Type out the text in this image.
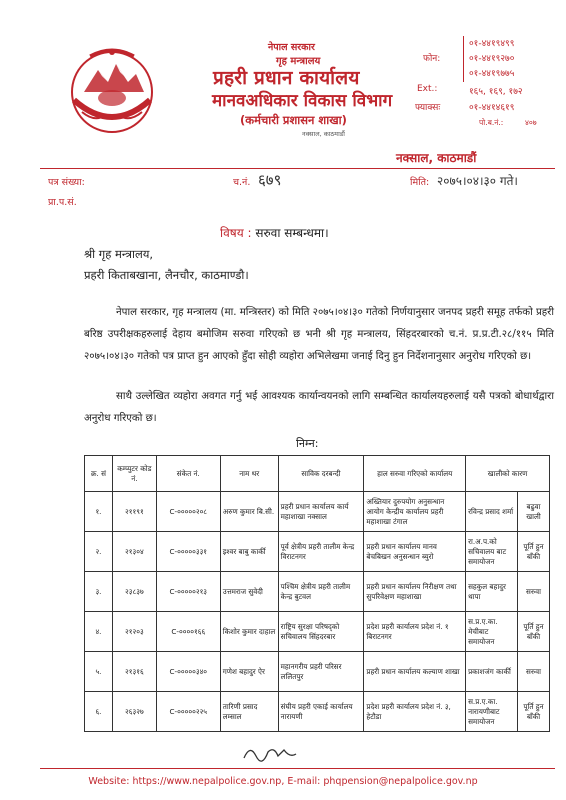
नेपाल सरकार
गृह मन्त्रालय
प्रहरी प्रधान कार्यालय
मानवअधिकार विकास विभाग
(कर्मचारी प्रशासन शाखा)
नक्साल, काठमाडौं
फोन:
०१-४४१९४९९
०१-४४१९२७०
०१-४४१९७७५
Ext.:	१६५, १६९, १७२
फ्याक्सः	०१-४४१४६१९
पो.ब.नं.:	४०७
नक्साल, काठमाडौं
पत्र संख्या:
प्रा.प.सं.
च.नं. ६७९	मिति: २०७५।०४।३० गते।
विषय : सरुवा सम्बन्धमा।
श्री गृह मन्त्रालय,
प्रहरी किताबखाना, लैनचौर, काठमाण्डौ।

नेपाल सरकार, गृह मन्त्रालय (मा. मन्त्रिस्तर) को मिति २०७५।०४।३० गतेको निर्णयानुसार जनपद प्रहरी समूह तर्फको प्रहरी बरिष्ठ उपरीक्षकहरुलाई देहाय बमोजिम सरुवा गरिएको छ भनी श्री गृह मन्त्रालय, सिंहदरबारको च.नं. प्र.प्र.टी.२८/११५ मिति २०७५।०४।३० गतेको पत्र प्राप्त हुन आएको हुँदा सोही व्यहोरा अभिलेखमा जनाई दिनु हुन निर्देशनानुसार अनुरोध गरिएको छ।

साथै उल्लेखित व्यहोरा अवगत गर्नु भई आवश्यक कार्यान्वयनको लागि सम्बन्धित कार्यालयहरुलाई यसै पत्रको बोधार्थद्वारा अनुरोध गरिएको छ।

निम्न:
क्र. सं	कम्प्युटर कोड नं.	संकेत नं.	नाम थर	साविक दरबन्दी	हाल सरुवा गरिएको कार्यालय	खालीको कारण	
१.	२११९१	C-०००००२०८	अरुण कुमार बि.सी.	प्रहरी प्रधान कार्यालय कार्य महाशाखा नक्साल	अख्तियार दुरुपयोग अनुसन्धान आयोग केन्द्रीय कार्यालय प्रहरी महाशाखा टंगाल	रविन्द्र प्रसाद शर्मा	बढुवा खाली
२.	२१३०४	C-०००००३३१	इश्वर बाबु कार्की	पूर्व क्षेत्रीय प्रहरी तालीम केन्द्र विराटनगर	प्रहरी प्रधान कार्यालय मानव बेचबिखन अनुसन्धान ब्युरो	रा.अ.प.को सचिवालय बाट समायोजन	पूर्ति हुन बाँकी
३.	२३८३७	C-०००००२१३	उत्तमराज सुवेदी	पश्चिम क्षेत्रीय प्रहरी तालीम केन्द्र बुटवल	प्रहरी प्रधान कार्यालय निरीक्षण तथा सुपरिवेक्षण महाशाखा	सहकुल बहादुर थापा	सरुवा
४.	२१२०३	C-००००१६६	किशोर कुमार दाहाल	राष्ट्रिय सुरक्षा परिषद्को सचिवालय सिंहदरबार	प्रदेश प्रहरी कार्यालय प्रदेश नं. १ बिराटनगर	स.प्र.ए.का. मेचीबाट समायोजन	पूर्ति हुन बाँकी
५.	२१३१६	C-०००००३४०	गणेश बहादुर ऐर	महानगरीय प्रहरी परिसर ललितपुर	प्रहरी प्रधान कार्यालय कल्याण शाखा	प्रकाशजंग कार्की	सरुवा
६.	२६३२७	C-०००००२२५	तारिणी प्रसाद लम्साल	संघीय प्रहरी एकाई कार्यालय नारायणी	प्रदेश प्रहरी कार्यालय प्रदेश नं. ३, हेटौडा	स.प्र.ए.का. नारायणीबाट समायोजन	पूर्ति हुन बाँकी
Website: https://www.nepalpolice.gov.np, E-mail: phqpension@nepalpolice.gov.np
